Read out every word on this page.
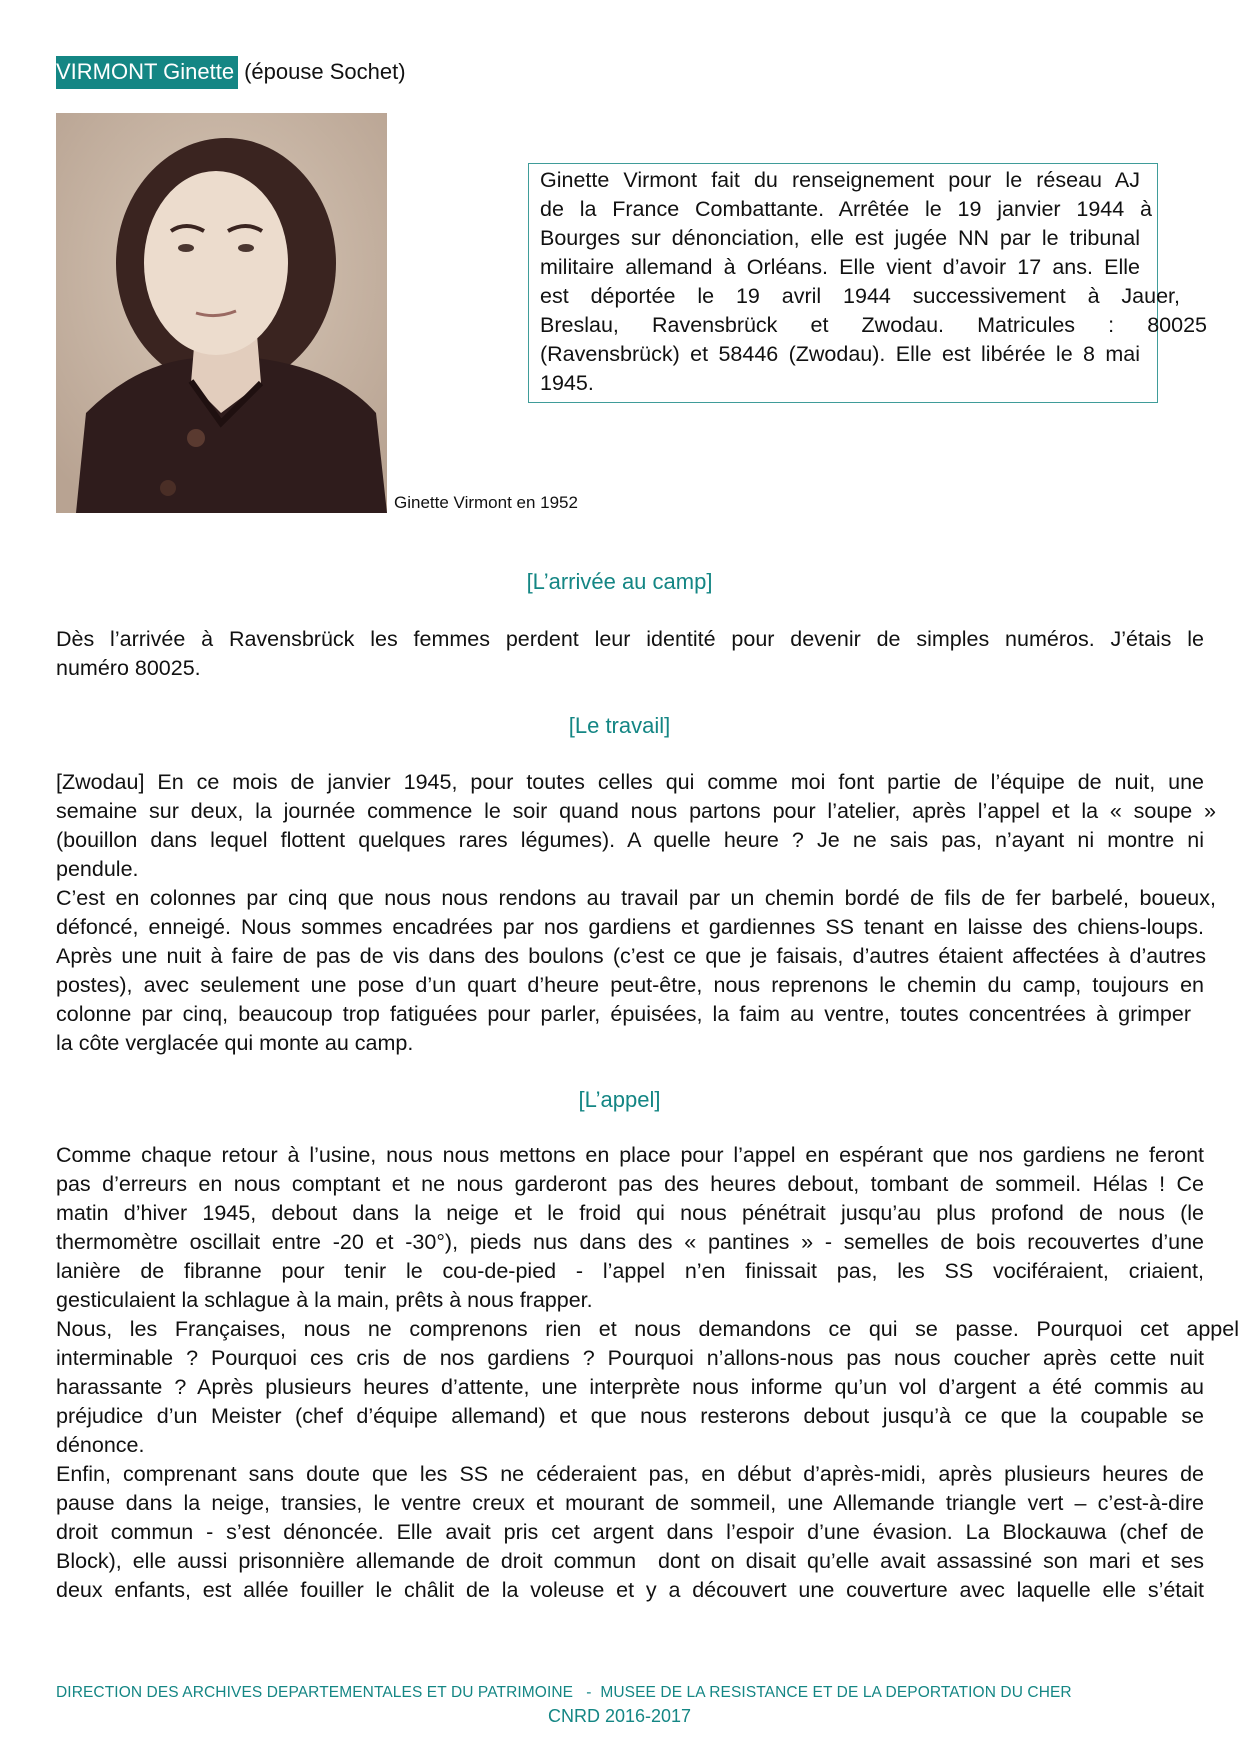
VIRMONT Ginette (épouse Sochet)
Ginette Virmont en 1952
Ginette Virmont fait du renseignement pour le réseau AJ
de la France Combattante. Arrêtée le 19 janvier 1944 à
Bourges sur dénonciation, elle est jugée NN par le tribunal
militaire allemand à Orléans. Elle vient d’avoir 17 ans. Elle
est déportée le 19 avril 1944 successivement à Jauer,
Breslau, Ravensbrück et Zwodau. Matricules : 80025
(Ravensbrück) et 58446 (Zwodau). Elle est libérée le 8 mai
1945.
[L’arrivée au camp]
Dès l’arrivée à Ravensbrück les femmes perdent leur identité pour devenir de simples numéros. J’étais le
numéro 80025.
[Le travail]
[Zwodau] En ce mois de janvier 1945, pour toutes celles qui comme moi font partie de l’équipe de nuit, une
semaine sur deux, la journée commence le soir quand nous partons pour l’atelier, après l’appel et la « soupe »
(bouillon dans lequel flottent quelques rares légumes). A quelle heure ? Je ne sais pas, n’ayant ni montre ni
pendule.
C’est en colonnes par cinq que nous nous rendons au travail par un chemin bordé de fils de fer barbelé, boueux,
défoncé, enneigé. Nous sommes encadrées par nos gardiens et gardiennes SS tenant en laisse des chiens-loups.
Après une nuit à faire de pas de vis dans des boulons (c’est ce que je faisais, d’autres étaient affectées à d’autres
postes), avec seulement une pose d’un quart d’heure peut-être, nous reprenons le chemin du camp, toujours en
colonne par cinq, beaucoup trop fatiguées pour parler, épuisées, la faim au ventre, toutes concentrées à grimper
la côte verglacée qui monte au camp.
[L’appel]
Comme chaque retour à l’usine, nous nous mettons en place pour l’appel en espérant que nos gardiens ne feront
pas d’erreurs en nous comptant et ne nous garderont pas des heures debout, tombant de sommeil. Hélas ! Ce
matin d’hiver 1945, debout dans la neige et le froid qui nous pénétrait jusqu’au plus profond de nous (le
thermomètre oscillait entre -20 et -30°), pieds nus dans des « pantines » - semelles de bois recouvertes d’une
lanière de fibranne pour tenir le cou-de-pied - l’appel n’en finissait pas, les SS vociféraient, criaient,
gesticulaient la schlague à la main, prêts à nous frapper.
Nous, les Françaises, nous ne comprenons rien et nous demandons ce qui se passe. Pourquoi cet appel
interminable ? Pourquoi ces cris de nos gardiens ? Pourquoi n’allons-nous pas nous coucher après cette nuit
harassante ? Après plusieurs heures d’attente, une interprète nous informe qu’un vol d’argent a été commis au
préjudice d’un Meister (chef d’équipe allemand) et que nous resterons debout jusqu’à ce que la coupable se
dénonce.
Enfin, comprenant sans doute que les SS ne céderaient pas, en début d’après-midi, après plusieurs heures de
pause dans la neige, transies, le ventre creux et mourant de sommeil, une Allemande triangle vert – c’est-à-dire
droit commun - s’est dénoncée. Elle avait pris cet argent dans l’espoir d’une évasion. La Blockauwa (chef de
Block), elle aussi prisonnière allemande de droit commun  dont on disait qu’elle avait assassiné son mari et ses
deux enfants, est allée fouiller le châlit de la voleuse et y a découvert une couverture avec laquelle elle s’était
DIRECTION DES ARCHIVES DEPARTEMENTALES ET DU PATRIMOINE   -  MUSEE DE LA RESISTANCE ET DE LA DEPORTATION DU CHER
CNRD 2016-2017
